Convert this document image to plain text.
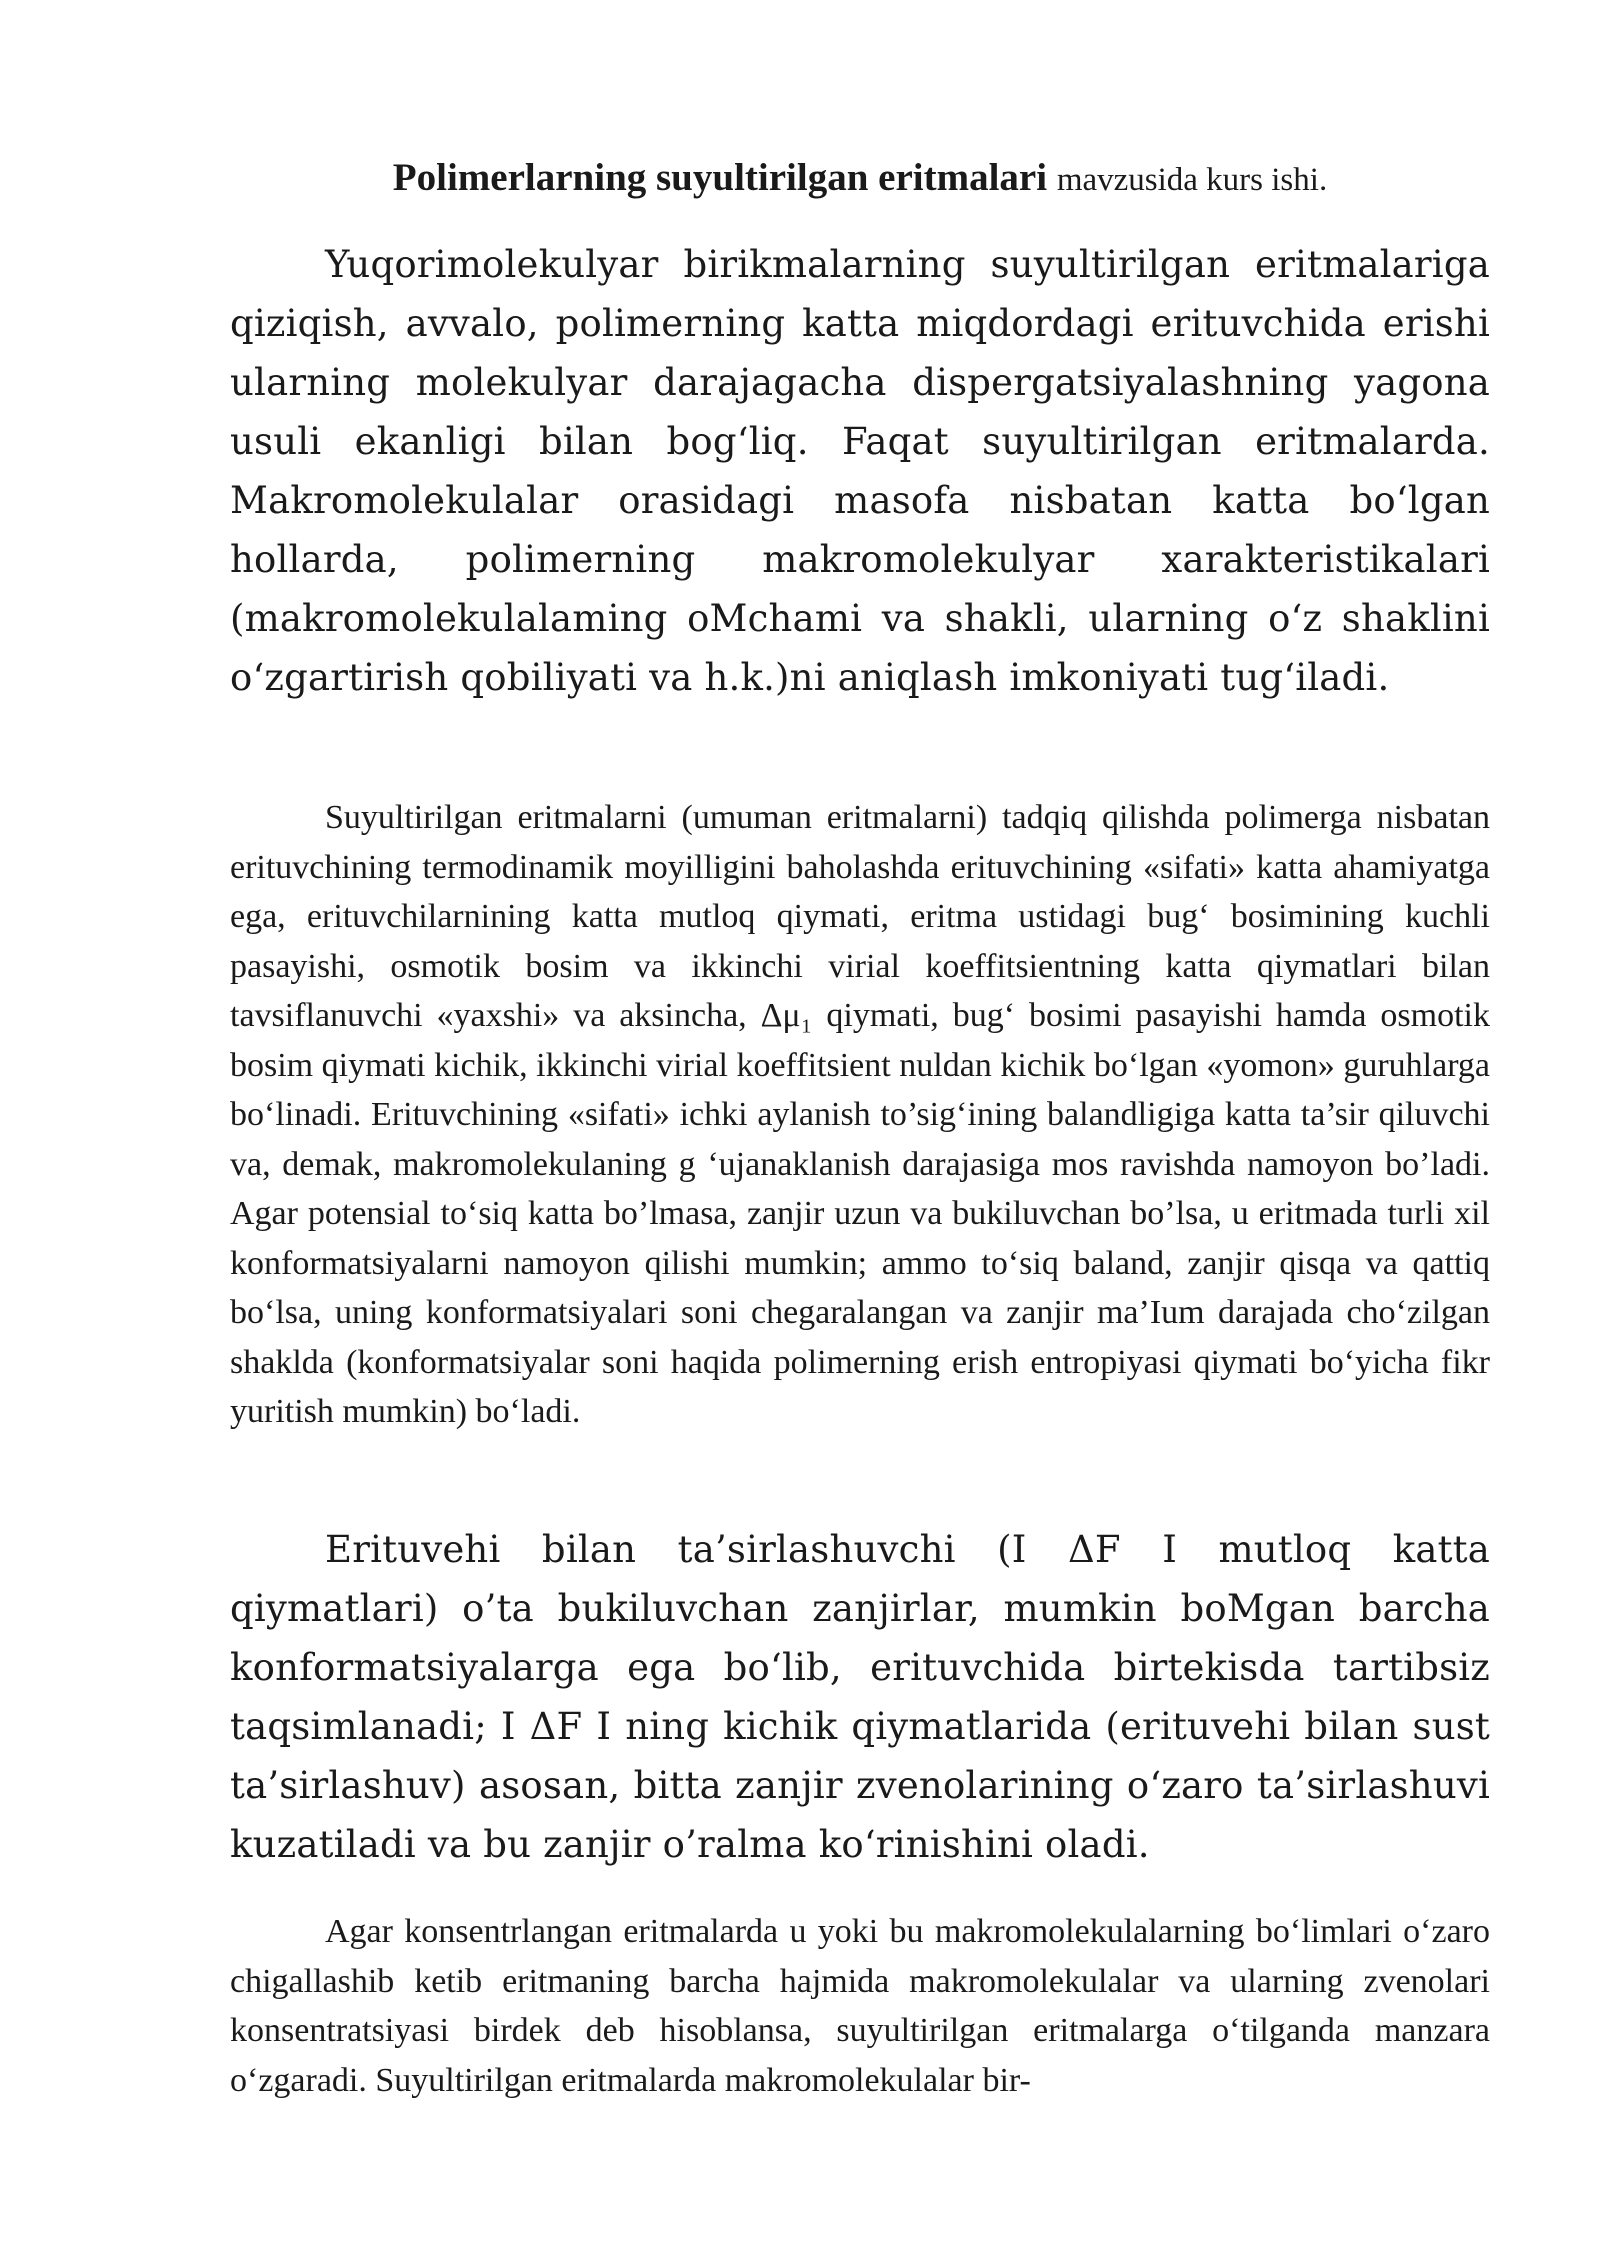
Polimerlarning suyultirilgan eritmalari mavzusida kurs ishi.

Yuqorimolekulyar birikmalarning suyultirilgan eritmalariga qiziqish, avvalo, polimerning katta miqdordagi erituvchida erishi ularning molekulyar darajagacha dispergatsiyalashning yagona usuli ekanligi bilan bog‘liq. Faqat suyultirilgan eritmalarda. Makromolekulalar orasidagi masofa nisbatan katta bo‘lgan hollarda, polimerning makromolekulyar xarakteristikalari (makromolekulalaming oMchami va shakli, ularning o‘z shaklini o‘zgartirish qobiliyati va h.k.)ni aniqlash imkoniyati tug‘iladi.

Suyultirilgan eritmalarni (umuman eritmalarni) tadqiq qilishda polimerga nisbatan erituvchining termodinamik moyilligini baholashda erituvchining «sifati» katta ahamiyatga ega, erituvchilarnining katta mutloq qiymati, eritma ustidagi bug‘ bosimining kuchli pasayishi, osmotik bosim va ikkinchi virial koeffitsientning katta qiymatlari bilan tavsiflanuvchi «yaxshi» va aksincha, Δμ₁ qiymati, bug‘ bosimi pasayishi hamda osmotik bosim qiymati kichik, ikkinchi virial koeffitsient nuldan kichik bo‘lgan «yomon» guruhlarga bo‘linadi. Erituvchining «sifati» ichki aylanish to’sig‘ining balandligiga katta ta’sir qiluvchi va, demak, makromolekulaning g ‘ujanaklanish darajasiga mos ravishda namoyon bo’ladi. Agar potensial to‘siq katta bo’lmasa, zanjir uzun va bukiluvchan bo’lsa, u eritmada turli xil konformatsiyalarni namoyon qilishi mumkin; ammo to‘siq baland, zanjir qisqa va qattiq bo‘lsa, uning konformatsiyalari soni chegaralangan va zanjir ma’Ium darajada cho‘zilgan shaklda (konformatsiyalar soni haqida polimerning erish entropiyasi qiymati bo‘yicha fikr yuritish mumkin) bo‘ladi.

Erituvehi bilan ta’sirlashuvchi (I ΔF I mutloq katta qiymatlari) o’ta bukiluvchan zanjirlar, mumkin boMgan barcha konformatsiyalarga ega bo‘lib, erituvchida birtekisda tartibsiz taqsimlanadi; I ΔF I ning kichik qiymatlarida (erituvehi bilan sust ta’sirlashuv) asosan, bitta zanjir zvenolarining o‘zaro ta’sirlashuvi kuzatiladi va bu zanjir o’ralma ko‘rinishini oladi.

Agar konsentrlangan eritmalarda u yoki bu makromolekulalarning bo‘limlari o‘zaro chigallashib ketib eritmaning barcha hajmida makromolekulalar va ularning zvenolari konsentratsiyasi birdek deb hisoblansa, suyultirilgan eritmalarga o‘tilganda manzara o‘zgaradi. Suyultirilgan eritmalarda makromolekulalar bir-
